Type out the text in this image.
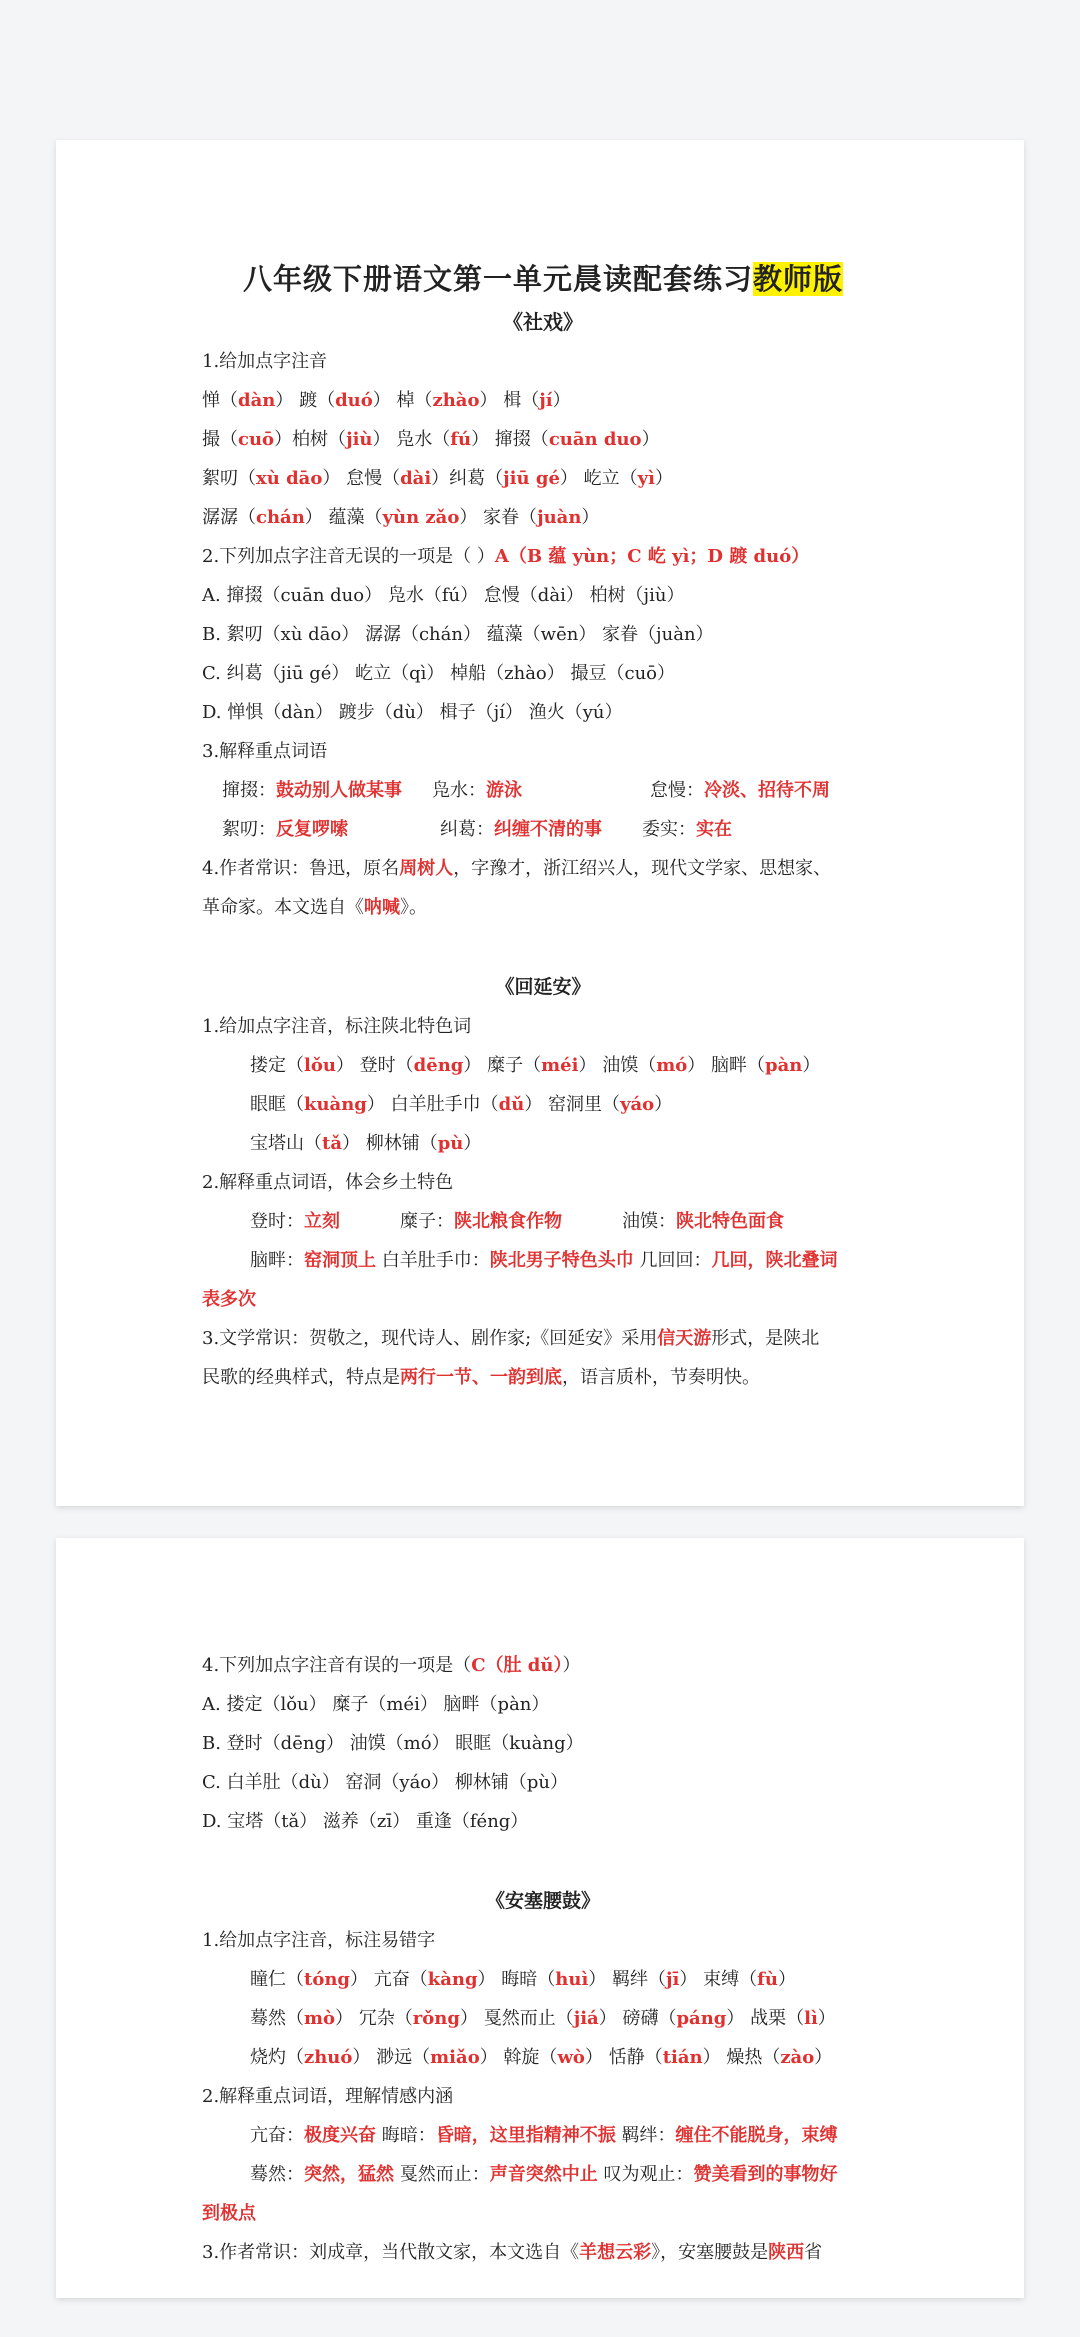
八年级下册语文第一单元晨读配套练习教师版
《社戏》
1.给加点字注音
惮（dàn） 踱（duó） 棹（zhào） 楫（jí）
撮（cuō）柏树（jiù） 凫水（fú） 撺掇（cuān duo）
絮叨（xù dāo） 怠慢（dài）纠葛（jiū gé） 屹立（yì）
潺潺（chán） 蕴藻（yùn zǎo） 家眷（juàn）
2.下列加点字注音无误的一项是（ ）A（B 蕴 yùn；C 屹 yì；D 踱 duó）
A. 撺掇（cuān duo） 凫水（fú） 怠慢（dài） 柏树（jiù）
B. 絮叨（xù dāo） 潺潺（chán） 蕴藻（wēn） 家眷（juàn）
C. 纠葛（jiū gé） 屹立（qì） 棹船（zhào） 撮豆（cuō）
D. 惮惧（dàn） 踱步（dù） 楫子（jí） 渔火（yú）
3.解释重点词语
撺掇：鼓动别人做某事 凫水：游泳	怠慢：冷淡、招待不周
絮叨：反复啰嗦	纠葛：纠缠不清的事 委实：实在
4.作者常识：鲁迅，原名周树人，字豫才，浙江绍兴人，现代文学家、思想家、
革命家。本文选自《呐喊》。
《回延安》
1.给加点字注音，标注陕北特色词
搂定（lǒu） 登时（dēng） 糜子（méi） 油馍（mó） 脑畔（pàn）
眼眶（kuàng） 白羊肚手巾（dǔ） 窑洞里（yáo）
宝塔山（tǎ） 柳林铺（pù）
2.解释重点词语，体会乡土特色
登时：立刻	糜子：陕北粮食作物	油馍：陕北特色面食
脑畔：窑洞顶上 白羊肚手巾：陕北男子特色头巾 几回回：几回，陕北叠词
表多次
3.文学常识：贺敬之，现代诗人、剧作家;《回延安》采用信天游形式，是陕北
民歌的经典样式，特点是两行一节、一韵到底，语言质朴，节奏明快。
4.下列加点字注音有误的一项是（C（肚 dǔ））
A. 搂定（lǒu） 糜子（méi） 脑畔（pàn）
B. 登时（dēng） 油馍（mó） 眼眶（kuàng）
C. 白羊肚（dù） 窑洞（yáo） 柳林铺（pù）
D. 宝塔（tǎ） 滋养（zī） 重逢（féng）
《安塞腰鼓》
1.给加点字注音，标注易错字
瞳仁（tóng） 亢奋（kàng） 晦暗（huì） 羁绊（jī） 束缚（fù）
蓦然（mò） 冗杂（rǒng） 戛然而止（jiá） 磅礴（páng） 战栗（lì）
烧灼（zhuó） 渺远（miǎo） 斡旋（wò） 恬静（tián） 燥热（zào）
2.解释重点词语，理解情感内涵
亢奋：极度兴奋 晦暗：昏暗，这里指精神不振 羁绊：缠住不能脱身，束缚
蓦然：突然，猛然 戛然而止：声音突然中止 叹为观止：赞美看到的事物好
到极点
3.作者常识：刘成章，当代散文家，本文选自《羊想云彩》，安塞腰鼓是陕西省
